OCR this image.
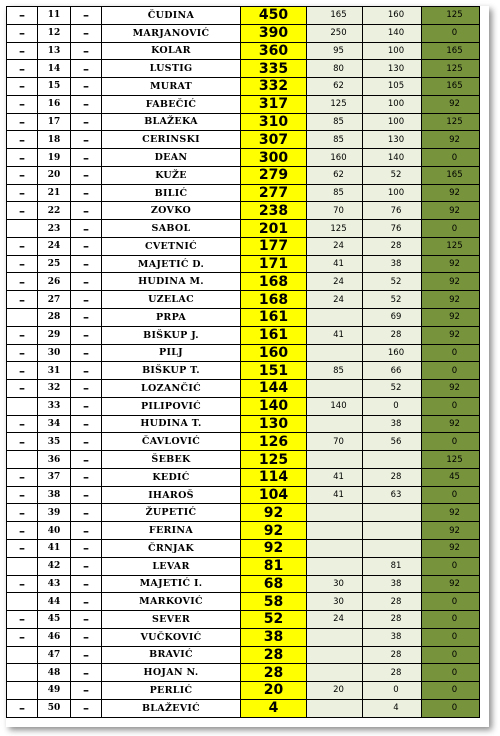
–	11	–	ČUDINA	450	165	160	125
–	12	–	MARJANOVIĆ	390	250	140	0
–	13	–	KOLAR	360	95	100	165
–	14	–	LUSTIG	335	80	130	125
–	15	–	MURAT	332	62	105	165
–	16	–	FABEČIĆ	317	125	100	92
–	17	–	BLAŽEKA	310	85	100	125
–	18	–	CERINSKI	307	85	130	92
–	19	–	DEAN	300	160	140	0
–	20	–	KUŽE	279	62	52	165
–	21	–	BILIĆ	277	85	100	92
–	22	–	ZOVKO	238	70	76	92
	23	–	SABOL	201	125	76	0
–	24	–	CVETNIĆ	177	24	28	125
–	25	–	MAJETIĆ D.	171	41	38	92
–	26	–	HUDINA M.	168	24	52	92
–	27	–	UZELAC	168	24	52	92
	28	–	PRPA	161		69	92
–	29	–	BIŠKUP J.	161	41	28	92
–	30	–	PILJ	160		160	0
–	31	–	BIŠKUP T.	151	85	66	0
–	32	–	LOZANČIĆ	144		52	92
	33	–	PILIPOVIĆ	140	140	0	0
–	34	–	HUDINA T.	130		38	92
–	35	–	ČAVLOVIĆ	126	70	56	0
	36	–	ŠEBEK	125			125
–	37	–	KEDIĆ	114	41	28	45
–	38	–	IHAROŠ	104	41	63	0
–	39	–	ŽUPETIĆ	92			92
–	40	–	FERINA	92			92
–	41	–	ČRNJAK	92			92
	42	–	LEVAR	81		81	0
–	43	–	MAJETIĆ I.	68	30	38	92
	44	–	MARKOVIĆ	58	30	28	0
–	45	–	SEVER	52	24	28	0
–	46	–	VUČKOVIĆ	38		38	0
	47	–	BRAVIĆ	28		28	0
	48	–	HOJAN N.	28		28	0
	49	–	PERLIĆ	20	20	0	0
–	50	–	BLAŽEVIĆ	4		4	0
